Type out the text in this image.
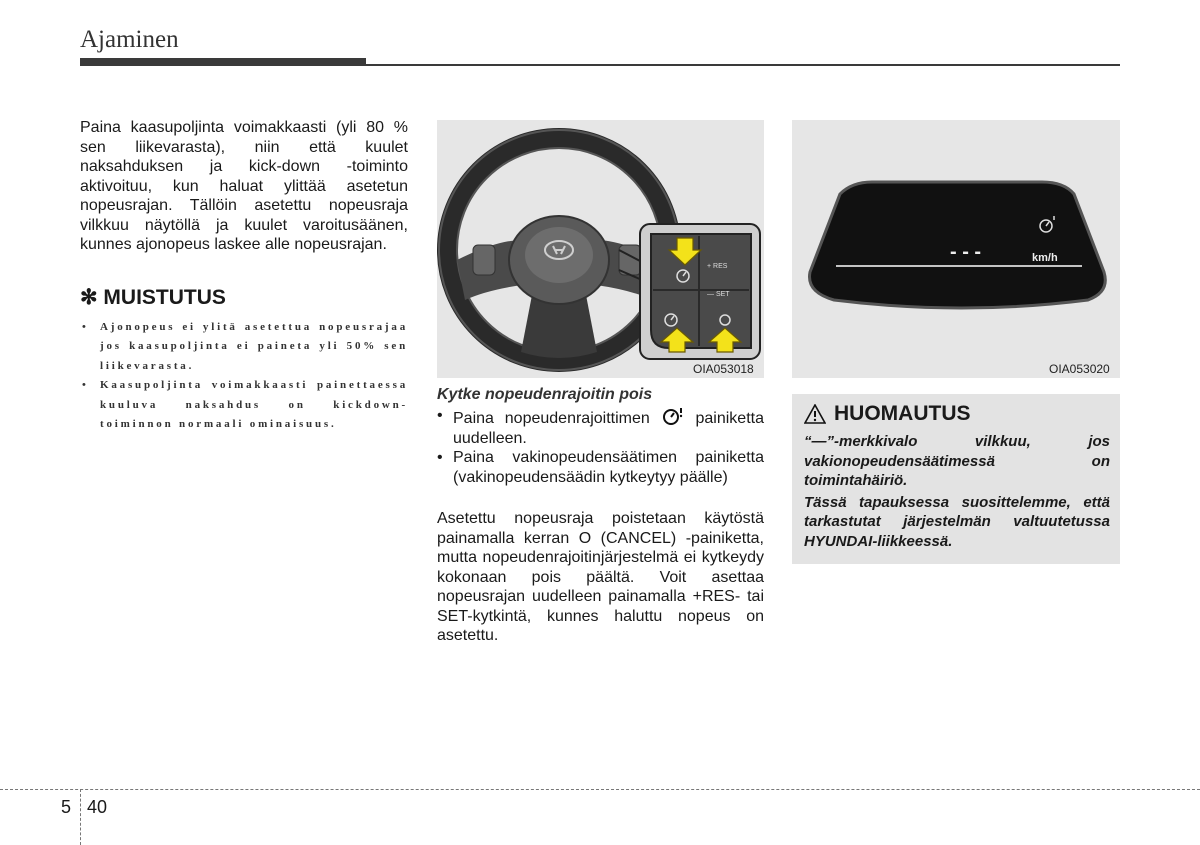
Ajaminen

Paina kaasupoljinta voimakkaasti (yli 80 % sen liikevarasta), niin että kuulet naksahduksen ja kick-down -toiminto aktivoituu, kun haluat ylittää asetetun nopeusrajan. Tällöin asetettu nopeusraja vilkkuu näytöllä ja kuulet varoitusäänen, kunnes ajonopeus laskee alle nopeusrajan.

✻ MUISTUTUS
• Ajonopeus ei ylitä asetettua nopeusrajaa jos kaasupoljinta ei paineta yli 50% sen liikevarasta.
• Kaasupoljinta voimakkaasti painettaessa kuuluva naksahdus on kickdown-toiminnon normaali ominaisuus.
+ RES
— SET
OIA053018
- - -	km/h
OIA053020

Kytke nopeudenrajoitin pois

• Paina nopeudenrajoittimen	painiketta uudelleen.
• Paina vakinopeudensäätimen painiketta (vakinopeudensäädin kytkeytyy päälle)

Asetettu nopeusraja poistetaan käytöstä painamalla kerran O (CANCEL) -painiketta, mutta nopeudenrajoitinjärjestelmä ei kytkeydy kokonaan pois päältä. Voit asettaa nopeusrajan uudelleen painamalla +RES- tai SET-kytkintä, kunnes haluttu nopeus on asetettu.

HUOMAUTUS

“—”-merkkivalo vilkkuu, jos vakionopeudensäätimessä on toimintahäiriö.

Tässä tapauksessa suosittelemme, että tarkastutat järjestelmän valtuutetussa HYUNDAI-liikkeessä.

5 40
